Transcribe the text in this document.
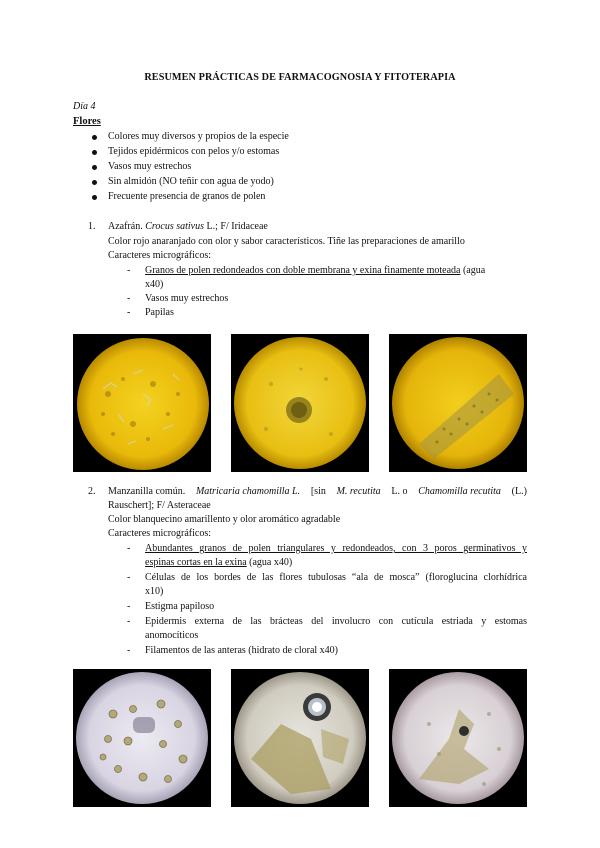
RESUMEN PRÁCTICAS DE FARMACOGNOSIA Y FITOTERAPIA
Día 4
Flores
Colores muy diversos y propios de la especie
Tejidos epidérmicos con pelos y/o estomas
Vasos muy estrechos
Sin almidón (NO teñir con agua de yodo)
Frecuente presencia de granos de polen
1. Azafrán. Crocus sativus L.; F/ Iridaceae
Color rojo anaranjado con olor y sabor característicos. Tiñe las preparaciones de amarillo
Caracteres micrográficos:
- Granos de polen redondeados con doble membrana y exina finamente moteada (agua
x40)
- Vasos muy estrechos
- Papilas
2. Manzanilla común. Matricaria chamomilla L. [sin M. recutita L. o Chamomilla recutita (L.)
Rauschert]; F/ Asteraceae
Color blanquecino amarillento y olor aromático agradable
Caracteres micrográficos:
- Abundantes granos de polen triangulares y redondeados, con 3 poros germinativos y
espinas cortas en la exina (agua x40)
- Células de los bordes de las flores tubulosas “ala de mosca” (floroglucina clorhídrica
x10)
- Estigma papiloso
- Epidermis externa de las brácteas del involucro con cutícula estriada y estomas
anomocíticos
- Filamentos de las anteras (hidrato de cloral x40)
